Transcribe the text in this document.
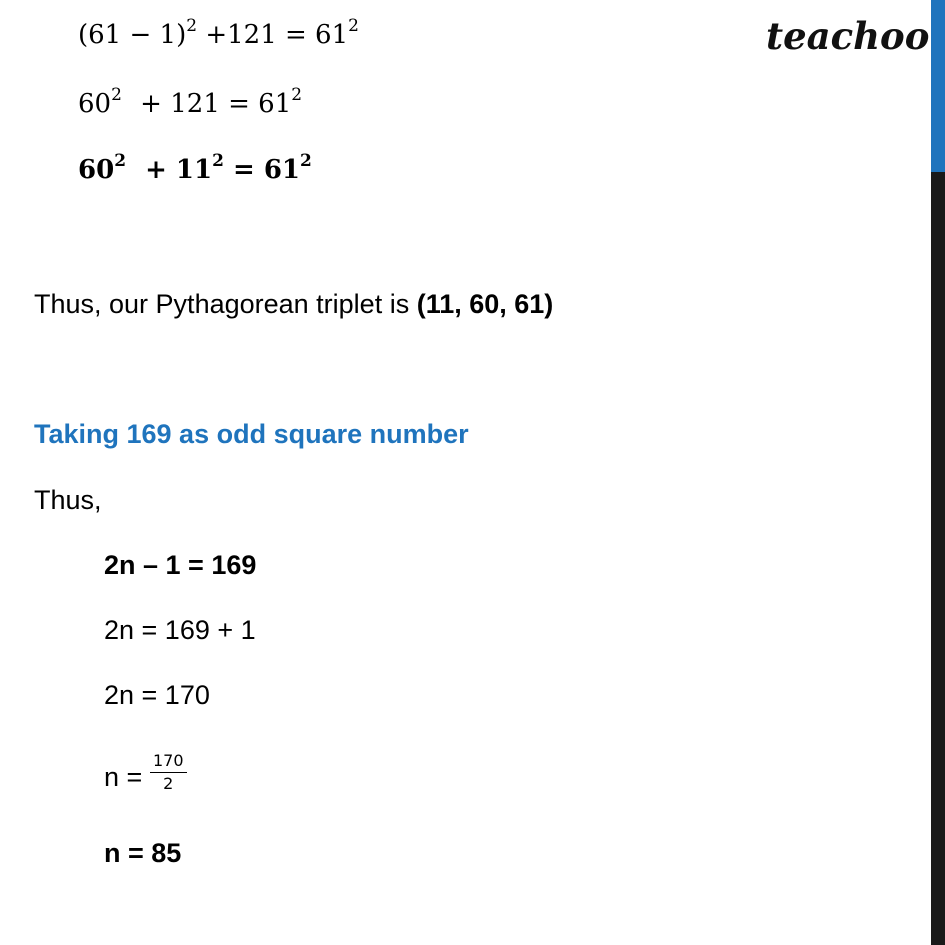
teachoo
$(61 - 1)^2 +121 = 61^2$
$60^2 + 121 = 61^2$
$60^2 + 11^2 = 61^2$
Thus, our Pythagorean triplet is (11, 60, 61)
Taking 169 as odd square number
Thus,
2n – 1 = 169
2n = 169 + 1
2n = 170
$n = \frac{170}{2}$
n = 85
